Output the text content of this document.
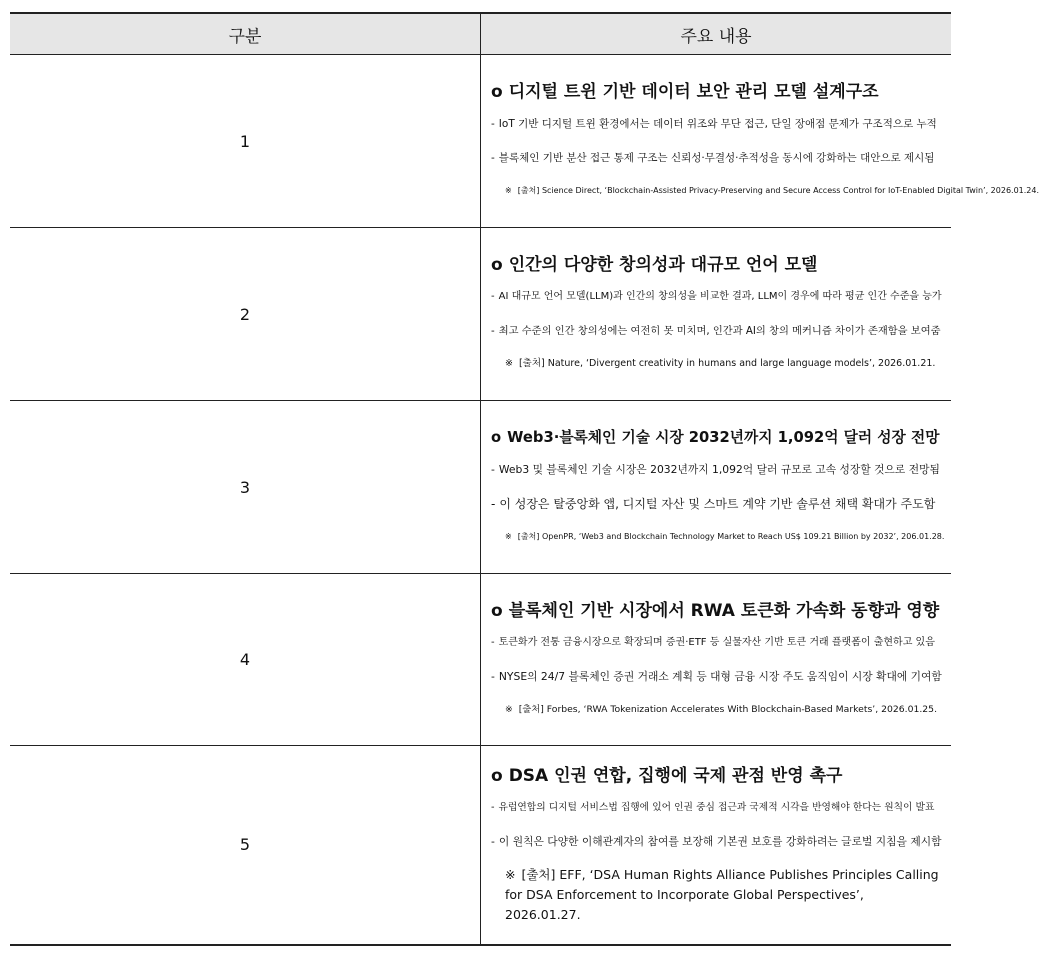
구분	주요 내용
1	o 디지털 트윈 기반 데이터 보안 관리 모델 설계구조

- IoT 기반 디지털 트윈 환경에서는 데이터 위조와 무단 접근, 단일 장애점 문제가 구조적으로 누적

- 블록체인 기반 분산 접근 통제 구조는 신뢰성·무결성·추적성을 동시에 강화하는 대안으로 제시됨

※ [출처] Science Direct, ‘Blockchain-Assisted Privacy-Preserving and Secure Access Control for IoT-Enabled Digital Twin’, 2026.01.24.

2	o 인간의 다양한 창의성과 대규모 언어 모델

- AI 대규모 언어 모델(LLM)과 인간의 창의성을 비교한 결과, LLM이 경우에 따라 평균 인간 수준을 능가

- 최고 수준의 인간 창의성에는 여전히 못 미치며, 인간과 AI의 창의 메커니즘 차이가 존재함을 보여줌

※ [출처] Nature, ‘Divergent creativity in humans and large language models’, 2026.01.21.

3	o Web3·블록체인 기술 시장 2032년까지 1,092억 달러 성장 전망

- Web3 및 블록체인 기술 시장은 2032년까지 1,092억 달러 규모로 고속 성장할 것으로 전망됨

- 이 성장은 탈중앙화 앱, 디지털 자산 및 스마트 계약 기반 솔루션 채택 확대가 주도함

※ [출처] OpenPR, ‘Web3 and Blockchain Technology Market to Reach US$ 109.21 Billion by 2032’, 206.01.28.

4	o 블록체인 기반 시장에서 RWA 토큰화 가속화 동향과 영향

- 토큰화가 전통 금융시장으로 확장되며 증권·ETF 등 실물자산 기반 토큰 거래 플랫폼이 출현하고 있음

- NYSE의 24/7 블록체인 증권 거래소 계획 등 대형 금융 시장 주도 움직임이 시장 확대에 기여함

※ [출처] Forbes, ‘RWA Tokenization Accelerates With Blockchain-Based Markets’, 2026.01.25.

5	o DSA 인권 연합, 집행에 국제 관점 반영 촉구

- 유럽연합의 디지털 서비스법 집행에 있어 인권 중심 접근과 국제적 시각을 반영해야 한다는 원칙이 발표

- 이 원칙은 다양한 이해관계자의 참여를 보장해 기본권 보호를 강화하려는 글로벌 지침을 제시함

※ [출처] EFF, ‘DSA Human Rights Alliance Publishes Principles Calling for DSA Enforcement to Incorporate Global Perspectives’, 2026.01.27.
